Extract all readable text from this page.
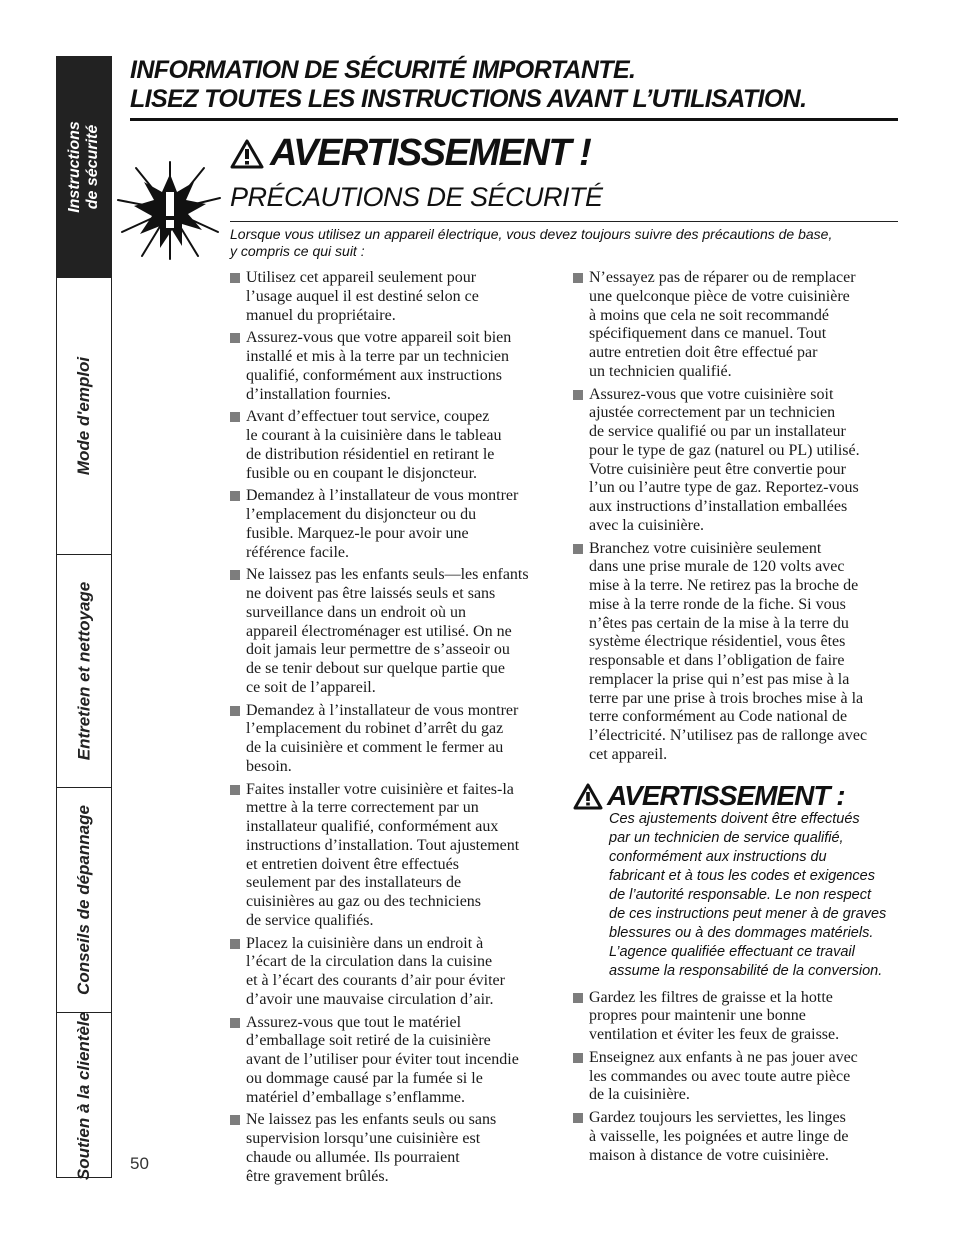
Instructions de sécurité
Mode d'emploi
Entretien et nettoyage
Conseils de dépannage
Soutien à la clientèle
INFORMATION DE SÉCURITÉ IMPORTANTE.
LISEZ TOUTES LES INSTRUCTIONS AVANT L’UTILISATION.
AVERTISSEMENT !
PRÉCAUTIONS DE SÉCURITÉ
Lorsque vous utilisez un appareil électrique, vous devez toujours suivre des précautions de base,
y compris ce qui suit :
Utilisez cet appareil seulement pour
l’usage auquel il est destiné selon ce
manuel du propriétaire.
Assurez-vous que votre appareil soit bien
installé et mis à la terre par un technicien
qualifié, conformément aux instructions
d’installation fournies.
Avant d’effectuer tout service, coupez
le courant à la cuisinière dans le tableau
de distribution résidentiel en retirant le
fusible ou en coupant le disjoncteur.
Demandez à l’installateur de vous montrer
l’emplacement du disjoncteur ou du
fusible. Marquez-le pour avoir une
référence facile.
Ne laissez pas les enfants seuls—les enfants
ne doivent pas être laissés seuls et sans
surveillance dans un endroit où un
appareil électroménager est utilisé. On ne
doit jamais leur permettre de s’asseoir ou
de se tenir debout sur quelque partie que
ce soit de l’appareil.
Demandez à l’installateur de vous montrer
l’emplacement du robinet d’arrêt du gaz
de la cuisinière et comment le fermer au
besoin.
Faites installer votre cuisinière et faites-la
mettre à la terre correctement par un
installateur qualifié, conformément aux
instructions d’installation. Tout ajustement
et entretien doivent être effectués
seulement par des installateurs de
cuisinières au gaz ou des techniciens
de service qualifiés.
Placez la cuisinière dans un endroit à
l’écart de la circulation dans la cuisine
et à l’écart des courants d’air pour éviter
d’avoir une mauvaise circulation d’air.
Assurez-vous que tout le matériel
d’emballage soit retiré de la cuisinière
avant de l’utiliser pour éviter tout incendie
ou dommage causé par la fumée si le
matériel d’emballage s’enflamme.
Ne laissez pas les enfants seuls ou sans
supervision lorsqu’une cuisinière est
chaude ou allumée. Ils pourraient
être gravement brûlés.
N’essayez pas de réparer ou de remplacer
une quelconque pièce de votre cuisinière
à moins que cela ne soit recommandé
spécifiquement dans ce manuel. Tout
autre entretien doit être effectué par
un technicien qualifié.
Assurez-vous que votre cuisinière soit
ajustée correctement par un technicien
de service qualifié ou par un installateur
pour le type de gaz (naturel ou PL) utilisé.
Votre cuisinière peut être convertie pour
l’un ou l’autre type de gaz. Reportez-vous
aux instructions d’installation emballées
avec la cuisinière.
Branchez votre cuisinière seulement
dans une prise murale de 120 volts avec
mise à la terre. Ne retirez pas la broche de
mise à la terre ronde de la fiche. Si vous
n’êtes pas certain de la mise à la terre du
système électrique résidentiel, vous êtes
responsable et dans l’obligation de faire
remplacer la prise qui n’est pas mise à la
terre par une prise à trois broches mise à la
terre conformément au Code national de
l’électricité. N’utilisez pas de rallonge avec
cet appareil.
AVERTISSEMENT :
Ces ajustements doivent être effectués
par un technicien de service qualifié,
conformément aux instructions du
fabricant et à tous les codes et exigences
de l’autorité responsable. Le non respect
de ces instructions peut mener à de graves
blessures ou à des dommages matériels.
L’agence qualifiée effectuant ce travail
assume la responsabilité de la conversion.
Gardez les filtres de graisse et la hotte
propres pour maintenir une bonne
ventilation et éviter les feux de graisse.
Enseignez aux enfants à ne pas jouer avec
les commandes ou avec toute autre pièce
de la cuisinière.
Gardez toujours les serviettes, les linges
à vaisselle, les poignées et autre linge de
maison à distance de votre cuisinière.
50
